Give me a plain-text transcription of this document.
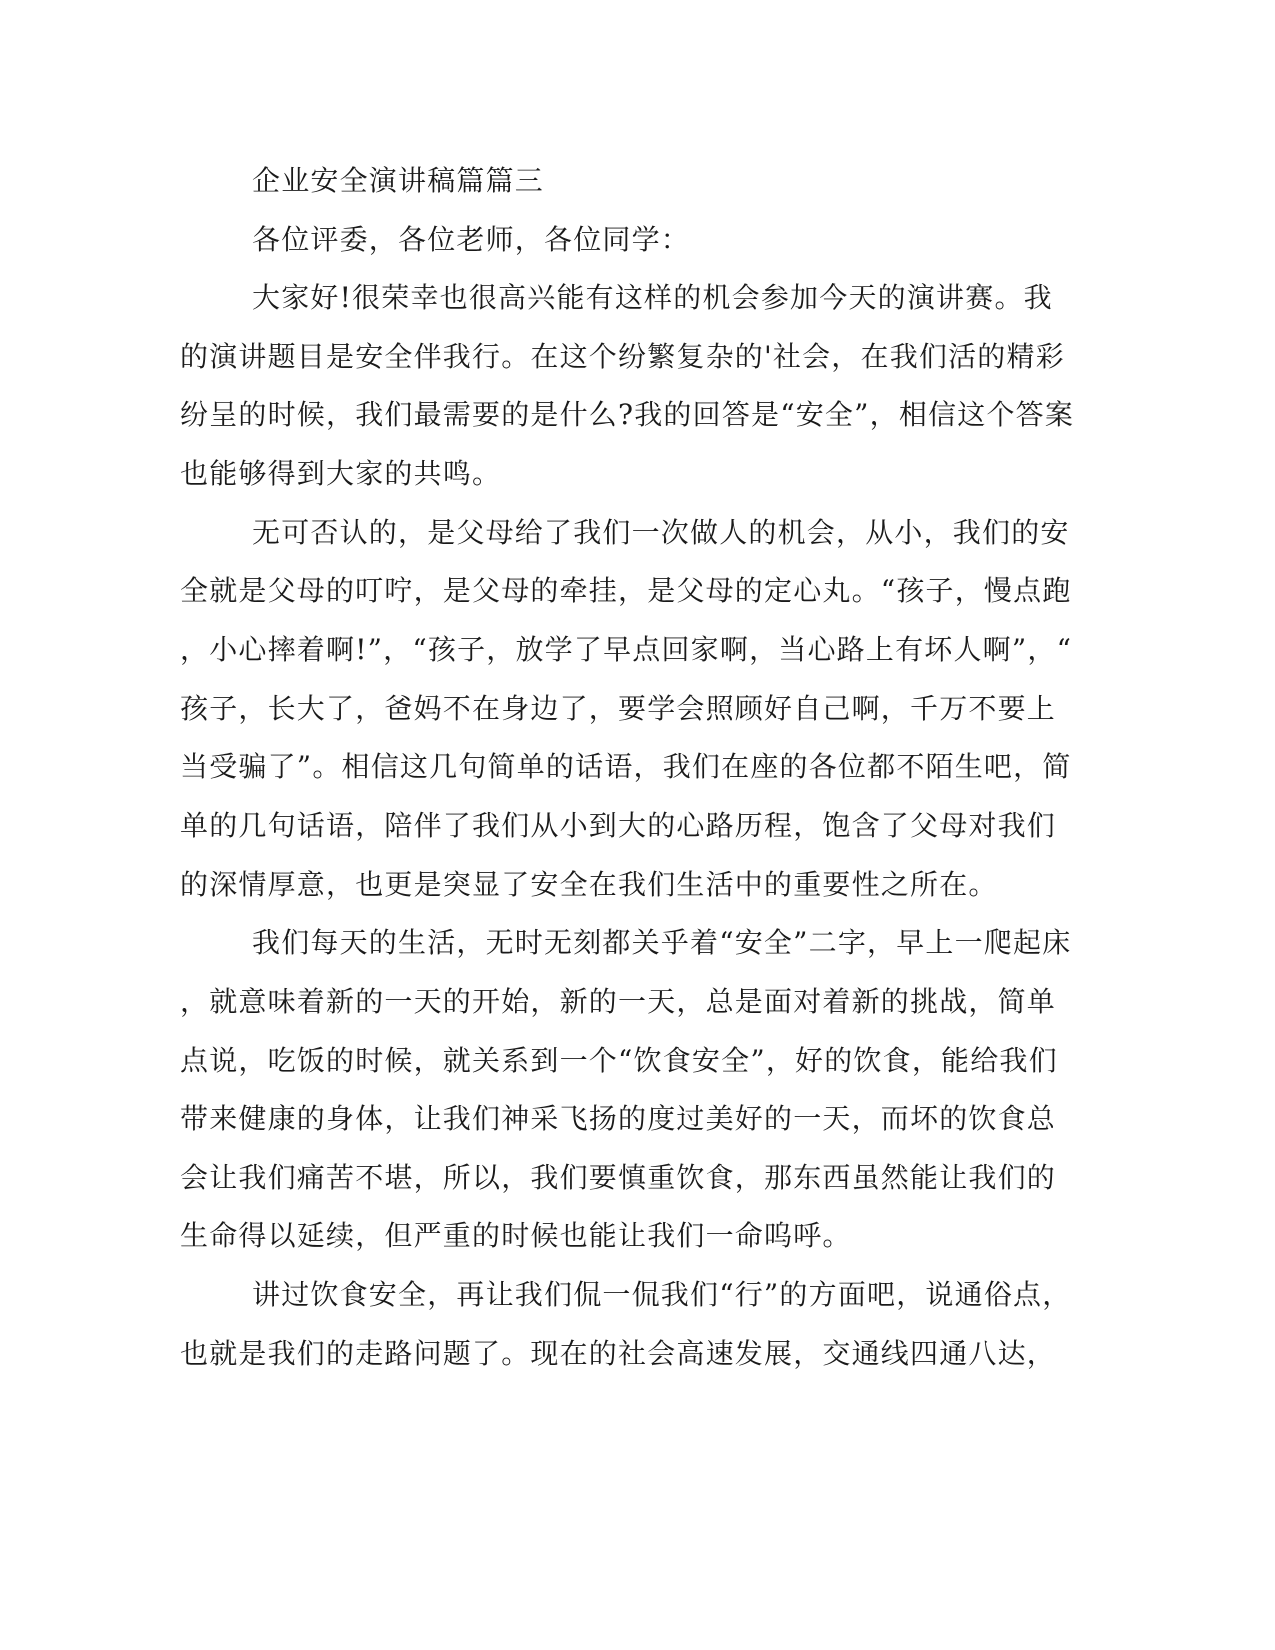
企业安全演讲稿篇篇三
各位评委，各位老师，各位同学：
大家好!很荣幸也很高兴能有这样的机会参加今天的演讲赛。我
的演讲题目是安全伴我行。在这个纷繁复杂的'社会，在我们活的精彩
纷呈的时候，我们最需要的是什么?我的回答是“安全”，相信这个答案
也能够得到大家的共鸣。
无可否认的，是父母给了我们一次做人的机会，从小，我们的安
全就是父母的叮咛，是父母的牵挂，是父母的定心丸。“孩子，慢点跑
，小心摔着啊!”，“孩子，放学了早点回家啊，当心路上有坏人啊”，“
孩子，长大了，爸妈不在身边了，要学会照顾好自己啊，千万不要上
当受骗了”。相信这几句简单的话语，我们在座的各位都不陌生吧，简
单的几句话语，陪伴了我们从小到大的心路历程，饱含了父母对我们
的深情厚意，也更是突显了安全在我们生活中的重要性之所在。
我们每天的生活，无时无刻都关乎着“安全”二字，早上一爬起床
，就意味着新的一天的开始，新的一天，总是面对着新的挑战，简单
点说，吃饭的时候，就关系到一个“饮食安全”，好的饮食，能给我们
带来健康的身体，让我们神采飞扬的度过美好的一天，而坏的饮食总
会让我们痛苦不堪，所以，我们要慎重饮食，那东西虽然能让我们的
生命得以延续，但严重的时候也能让我们一命呜呼。
讲过饮食安全，再让我们侃一侃我们“行”的方面吧，说通俗点，
也就是我们的走路问题了。现在的社会高速发展，交通线四通八达，
